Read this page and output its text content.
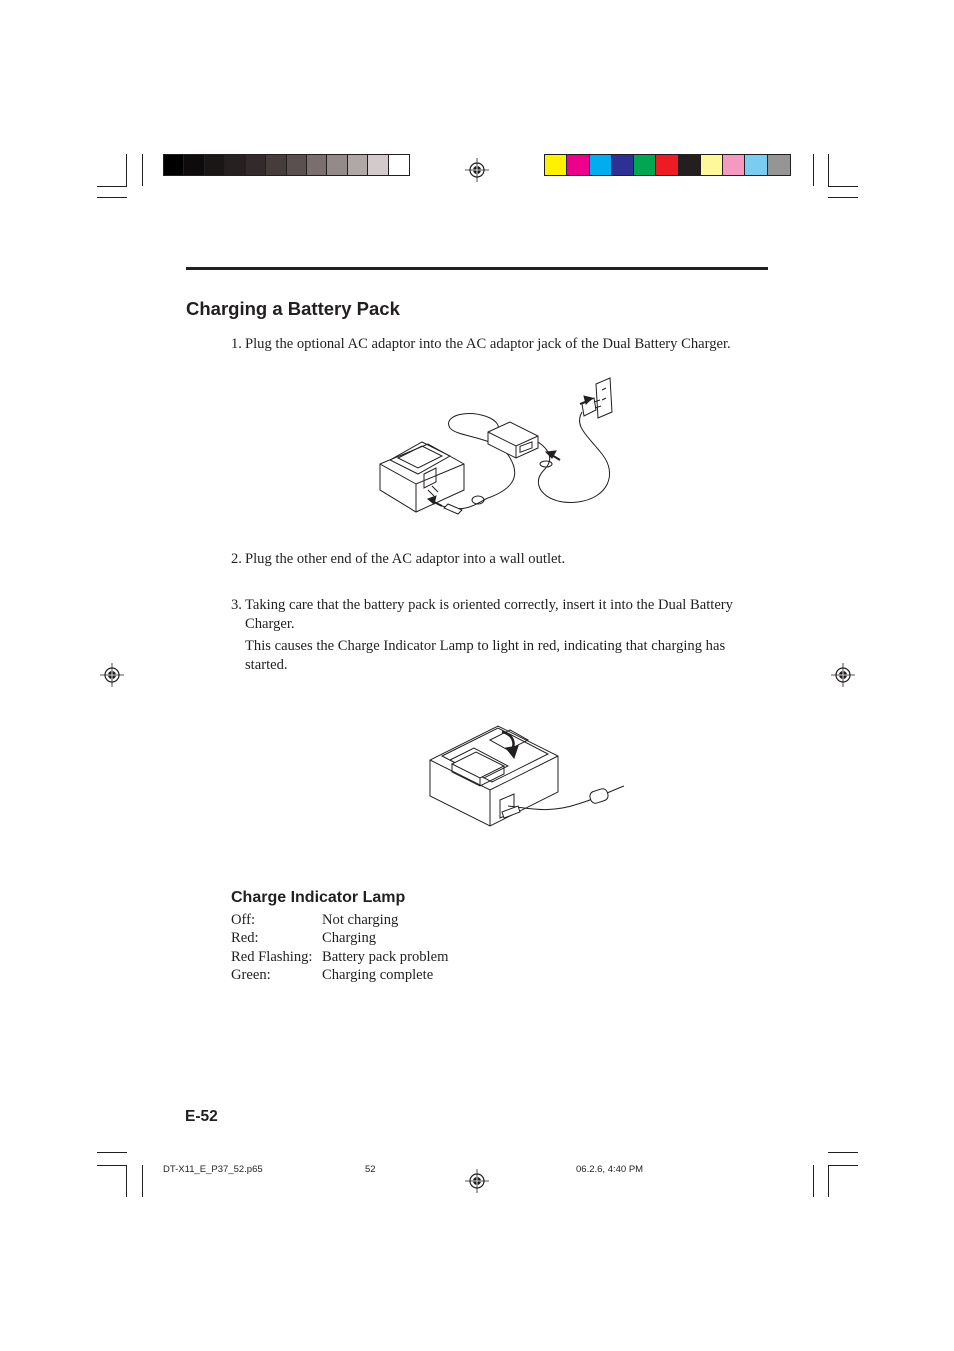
Charging a Battery Pack
1. Plug the optional AC adaptor into the AC adaptor jack of the Dual Battery Charger.
2. Plug the other end of the AC adaptor into a wall outlet.
3. Taking care that the battery pack is oriented correctly, insert it into the Dual Battery Charger.
This causes the Charge Indicator Lamp to light in red, indicating that charging has started.
Charge Indicator Lamp
Off:	Not charging
Red:	Charging
Red Flashing: Battery pack problem
Green:	Charging complete
E-52
DT-X11_E_P37_52.p65	52	06.2.6, 4:40 PM
